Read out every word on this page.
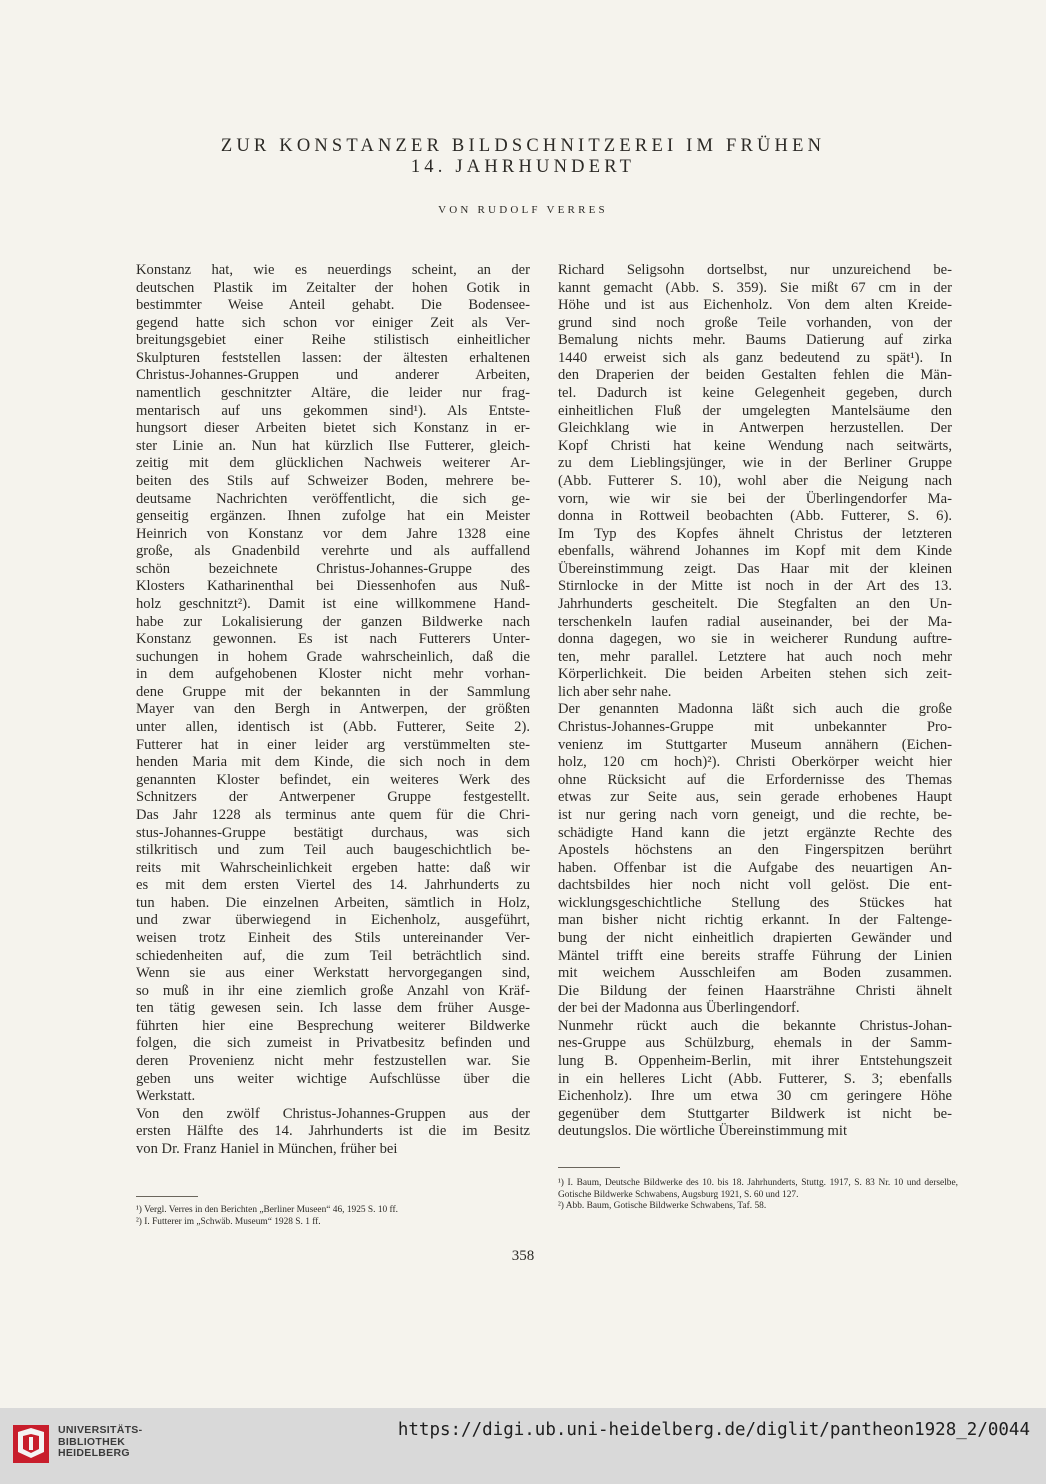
ZUR KONSTANZER BILDSCHNITZEREI IM FRÜHEN
14. JAHRHUNDERT
VON RUDOLF VERRES

Konstanz hat, wie es neuerdings scheint, an der
deutschen Plastik im Zeitalter der hohen Gotik in
bestimmter Weise Anteil gehabt. Die Bodensee-
gegend hatte sich schon vor einiger Zeit als Ver-
breitungsgebiet einer Reihe stilistisch einheitlicher
Skulpturen feststellen lassen: der ältesten erhaltenen
Christus-Johannes-Gruppen und anderer Arbeiten,
namentlich geschnitzter Altäre, die leider nur frag-
mentarisch auf uns gekommen sind¹). Als Entste-
hungsort dieser Arbeiten bietet sich Konstanz in er-
ster Linie an. Nun hat kürzlich Ilse Futterer, gleich-
zeitig mit dem glücklichen Nachweis weiterer Ar-
beiten des Stils auf Schweizer Boden, mehrere be-
deutsame Nachrichten veröffentlicht, die sich ge-
genseitig ergänzen. Ihnen zufolge hat ein Meister
Heinrich von Konstanz vor dem Jahre 1328 eine
große, als Gnadenbild verehrte und als auffallend
schön bezeichnete Christus-Johannes-Gruppe des
Klosters Katharinenthal bei Diessenhofen aus Nuß-
holz geschnitzt²). Damit ist eine willkommene Hand-
habe zur Lokalisierung der ganzen Bildwerke nach
Konstanz gewonnen. Es ist nach Futterers Unter-
suchungen in hohem Grade wahrscheinlich, daß die
in dem aufgehobenen Kloster nicht mehr vorhan-
dene Gruppe mit der bekannten in der Sammlung
Mayer van den Bergh in Antwerpen, der größten
unter allen, identisch ist (Abb. Futterer, Seite 2).
Futterer hat in einer leider arg verstümmelten ste-
henden Maria mit dem Kinde, die sich noch in dem
genannten Kloster befindet, ein weiteres Werk des
Schnitzers der Antwerpener Gruppe festgestellt.
Das Jahr 1228 als terminus ante quem für die Chri-
stus-Johannes-Gruppe bestätigt durchaus, was sich
stilkritisch und zum Teil auch baugeschichtlich be-
reits mit Wahrscheinlichkeit ergeben hatte: daß wir
es mit dem ersten Viertel des 14. Jahrhunderts zu
tun haben. Die einzelnen Arbeiten, sämtlich in Holz,
und zwar überwiegend in Eichenholz, ausgeführt,
weisen trotz Einheit des Stils untereinander Ver-
schiedenheiten auf, die zum Teil beträchtlich sind.
Wenn sie aus einer Werkstatt hervorgegangen sind,
so muß in ihr eine ziemlich große Anzahl von Kräf-
ten tätig gewesen sein. Ich lasse dem früher Ausge-
führten hier eine Besprechung weiterer Bildwerke
folgen, die sich zumeist in Privatbesitz befinden und
deren Provenienz nicht mehr festzustellen war. Sie
geben uns weiter wichtige Aufschlüsse über die
Werkstatt.

Von den zwölf Christus-Johannes-Gruppen aus der
ersten Hälfte des 14. Jahrhunderts ist die im Besitz
von Dr. Franz Haniel in München, früher bei

Richard Seligsohn dortselbst, nur unzureichend be-
kannt gemacht (Abb. S. 359). Sie mißt 67 cm in der
Höhe und ist aus Eichenholz. Von dem alten Kreide-
grund sind noch große Teile vorhanden, von der
Bemalung nichts mehr. Baums Datierung auf zirka
1440 erweist sich als ganz bedeutend zu spät¹). In
den Draperien der beiden Gestalten fehlen die Män-
tel. Dadurch ist keine Gelegenheit gegeben, durch
einheitlichen Fluß der umgelegten Mantelsäume den
Gleichklang wie in Antwerpen herzustellen. Der
Kopf Christi hat keine Wendung nach seitwärts,
zu dem Lieblingsjünger, wie in der Berliner Gruppe
(Abb. Futterer S. 10), wohl aber die Neigung nach
vorn, wie wir sie bei der Überlingendorfer Ma-
donna in Rottweil beobachten (Abb. Futterer, S. 6).
Im Typ des Kopfes ähnelt Christus der letzteren
ebenfalls, während Johannes im Kopf mit dem Kinde
Übereinstimmung zeigt. Das Haar mit der kleinen
Stirnlocke in der Mitte ist noch in der Art des 13.
Jahrhunderts gescheitelt. Die Stegfalten an den Un-
terschenkeln laufen radial auseinander, bei der Ma-
donna dagegen, wo sie in weicherer Rundung auftre-
ten, mehr parallel. Letztere hat auch noch mehr
Körperlichkeit. Die beiden Arbeiten stehen sich zeit-
lich aber sehr nahe.

Der genannten Madonna läßt sich auch die große
Christus-Johannes-Gruppe mit unbekannter Pro-
venienz im Stuttgarter Museum annähern (Eichen-
holz, 120 cm hoch)²). Christi Oberkörper weicht hier
ohne Rücksicht auf die Erfordernisse des Themas
etwas zur Seite aus, sein gerade erhobenes Haupt
ist nur gering nach vorn geneigt, und die rechte, be-
schädigte Hand kann die jetzt ergänzte Rechte des
Apostels höchstens an den Fingerspitzen berührt
haben. Offenbar ist die Aufgabe des neuartigen An-
dachtsbildes hier noch nicht voll gelöst. Die ent-
wicklungsgeschichtliche Stellung des Stückes hat
man bisher nicht richtig erkannt. In der Faltenge-
bung der nicht einheitlich drapierten Gewänder und
Mäntel trifft eine bereits straffe Führung der Linien
mit weichem Ausschleifen am Boden zusammen.
Die Bildung der feinen Haarsträhne Christi ähnelt
der bei der Madonna aus Überlingendorf.

Nunmehr rückt auch die bekannte Christus-Johan-
nes-Gruppe aus Schülzburg, ehemals in der Samm-
lung B. Oppenheim-Berlin, mit ihrer Entstehungszeit
in ein helleres Licht (Abb. Futterer, S. 3; ebenfalls
Eichenholz). Ihre um etwa 30 cm geringere Höhe
gegenüber dem Stuttgarter Bildwerk ist nicht be-
deutungslos. Die wörtliche Übereinstimmung mit

¹) Vergl. Verres in den Berichten „Berliner Museen“ 46, 1925 S. 10 ff.
²) I. Futterer im „Schwäb. Museum“ 1928 S. 1 ff.
¹) I. Baum, Deutsche Bildwerke des 10. bis 18. Jahrhunderts, Stuttg. 1917, S. 83 Nr. 10 und derselbe, Gotische Bildwerke Schwabens, Augsburg 1921, S. 60 und 127.
²) Abb. Baum, Gotische Bildwerke Schwabens, Taf. 58.
358
UNIVERSITÄTS-
BIBLIOTHEK
HEIDELBERG
https://digi.ub.uni-heidelberg.de/diglit/pantheon1928_2/0044
